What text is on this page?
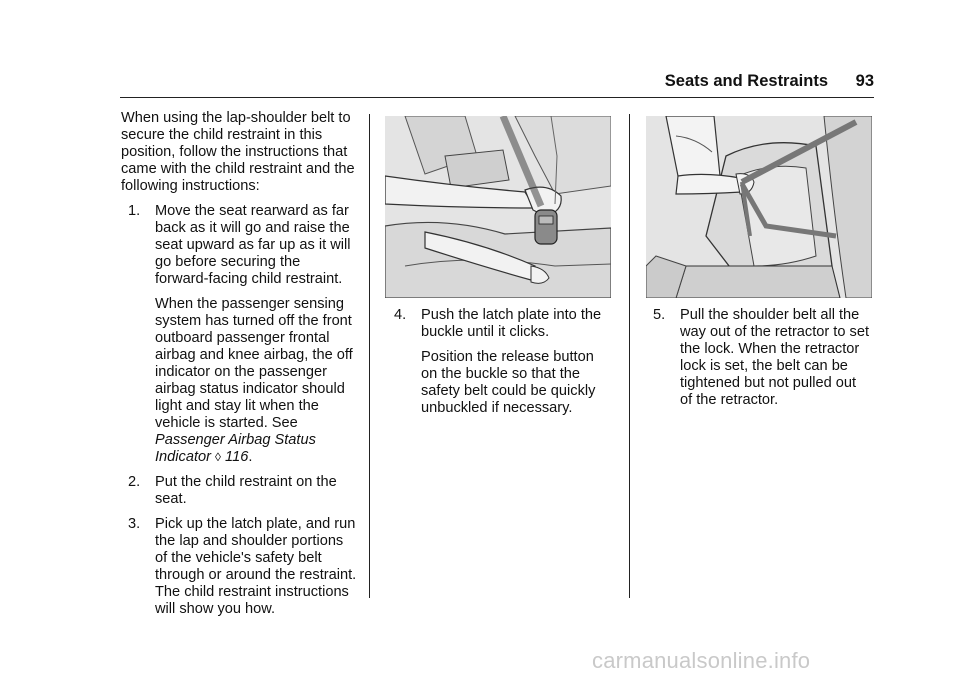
Seats and Restraints 93

When using the lap-shoulder belt to secure the child restraint in this position, follow the instructions that came with the child restraint and the following instructions:

1. Move the seat rearward as far back as it will go and raise the seat upward as far up as it will go before securing the forward-facing child restraint.
When the passenger sensing system has turned off the front outboard passenger frontal airbag and knee airbag, the off indicator on the passenger airbag status indicator should light and stay lit when the vehicle is started. See Passenger Airbag Status Indicator ◊ 116.
2. Put the child restraint on the seat.
3. Pick up the latch plate, and run the lap and shoulder portions of the vehicle's safety belt through or around the restraint. The child restraint instructions will show you how.
4. Push the latch plate into the buckle until it clicks.
Position the release button on the buckle so that the safety belt could be quickly unbuckled if necessary.
5. Pull the shoulder belt all the way out of the retractor to set the lock. When the retractor lock is set, the belt can be tightened but not pulled out of the retractor.
carmanualsonline.info
